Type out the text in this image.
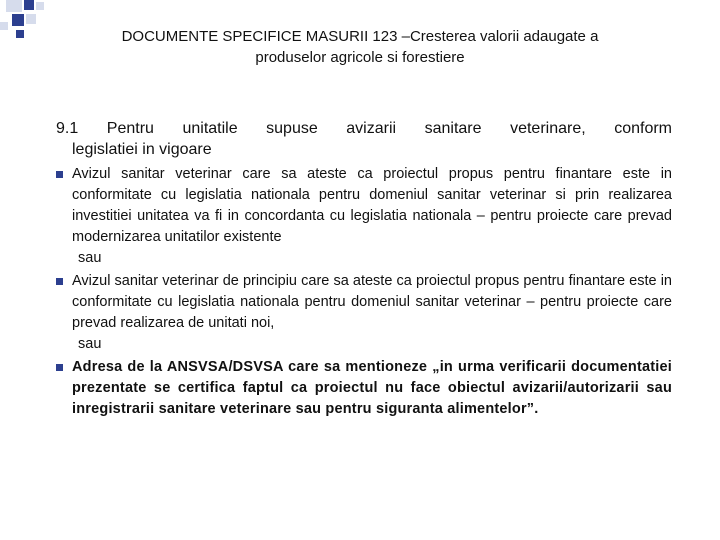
DOCUMENTE SPECIFICE MASURII 123 –Cresterea valorii adaugate a
produselor agricole si forestiere
9.1 Pentru unitatile supuse avizarii sanitare veterinare, conform
legislatiei in vigoare
Avizul sanitar veterinar care sa ateste ca proiectul propus pentru finantare este in conformitate cu legislatia nationala pentru domeniul sanitar veterinar si prin realizarea investitiei unitatea va fi in concordanta cu legislatia nationala – pentru proiecte care prevad modernizarea unitatilor existente
sau
Avizul sanitar veterinar de principiu care sa ateste ca proiectul propus pentru finantare este in conformitate cu legislatia nationala pentru domeniul sanitar veterinar – pentru proiecte care prevad realizarea de unitati noi,
sau
Adresa de la ANSVSA/DSVSA care sa mentioneze „in urma verificarii documentatiei prezentate se certifica faptul ca proiectul nu face obiectul avizarii/autorizarii sau inregistrarii sanitare veterinare sau pentru siguranta alimentelor”.
